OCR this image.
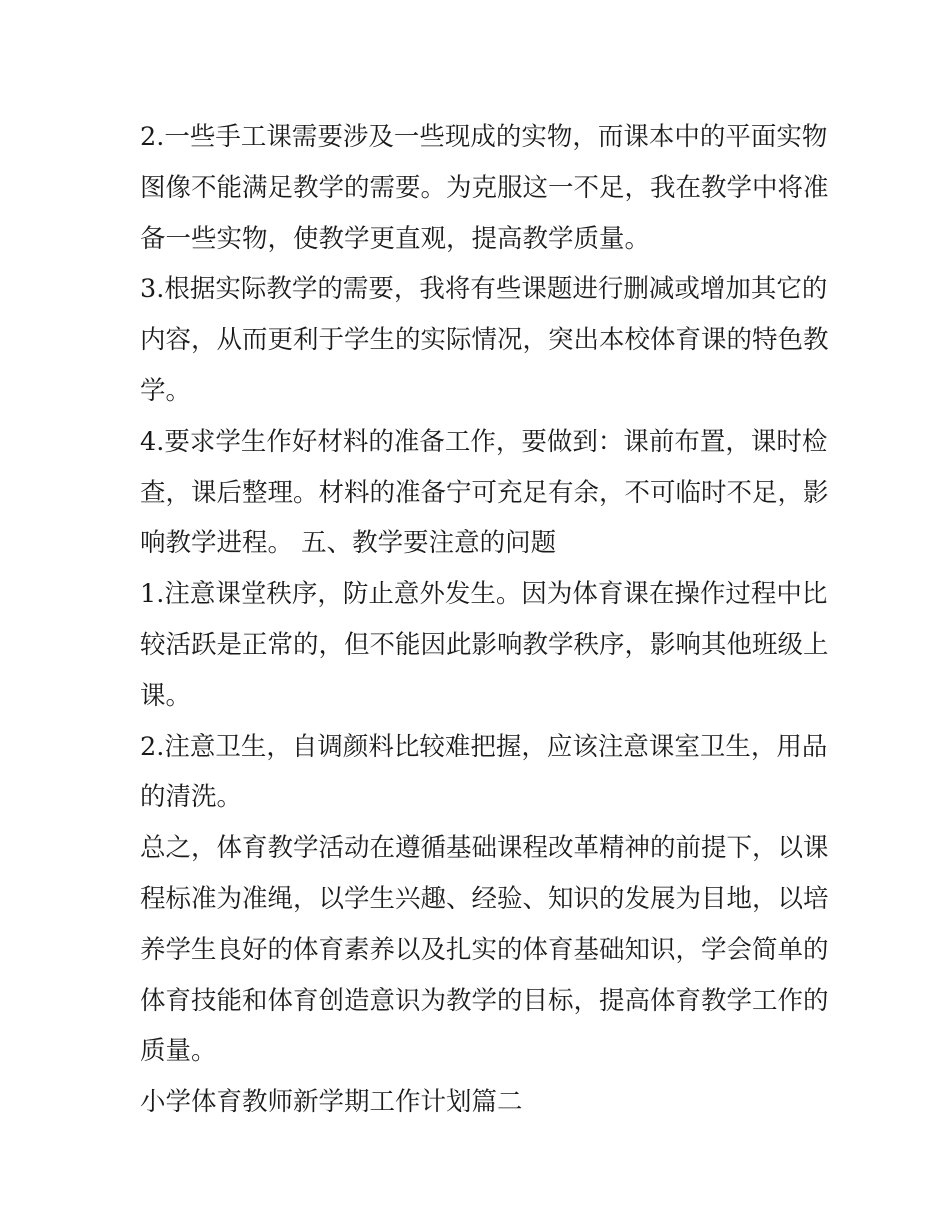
2.一些手工课需要涉及一些现成的实物，而课本中的平面实物
图像不能满足教学的需要。为克服这一不足，我在教学中将准
备一些实物，使教学更直观，提高教学质量。
3.根据实际教学的需要，我将有些课题进行删减或增加其它的
内容，从而更利于学生的实际情况，突出本校体育课的特色教
学。
4.要求学生作好材料的准备工作，要做到：课前布置，课时检
查，课后整理。材料的准备宁可充足有余，不可临时不足，影
响教学进程。 五、教学要注意的问题
1.注意课堂秩序，防止意外发生。因为体育课在操作过程中比
较活跃是正常的，但不能因此影响教学秩序，影响其他班级上
课。
2.注意卫生，自调颜料比较难把握，应该注意课室卫生，用品
的清洗。
总之，体育教学活动在遵循基础课程改革精神的前提下，以课
程标准为准绳，以学生兴趣、经验、知识的发展为目地，以培
养学生良好的体育素养以及扎实的体育基础知识，学会简单的
体育技能和体育创造意识为教学的目标，提高体育教学工作的
质量。
小学体育教师新学期工作计划篇二
